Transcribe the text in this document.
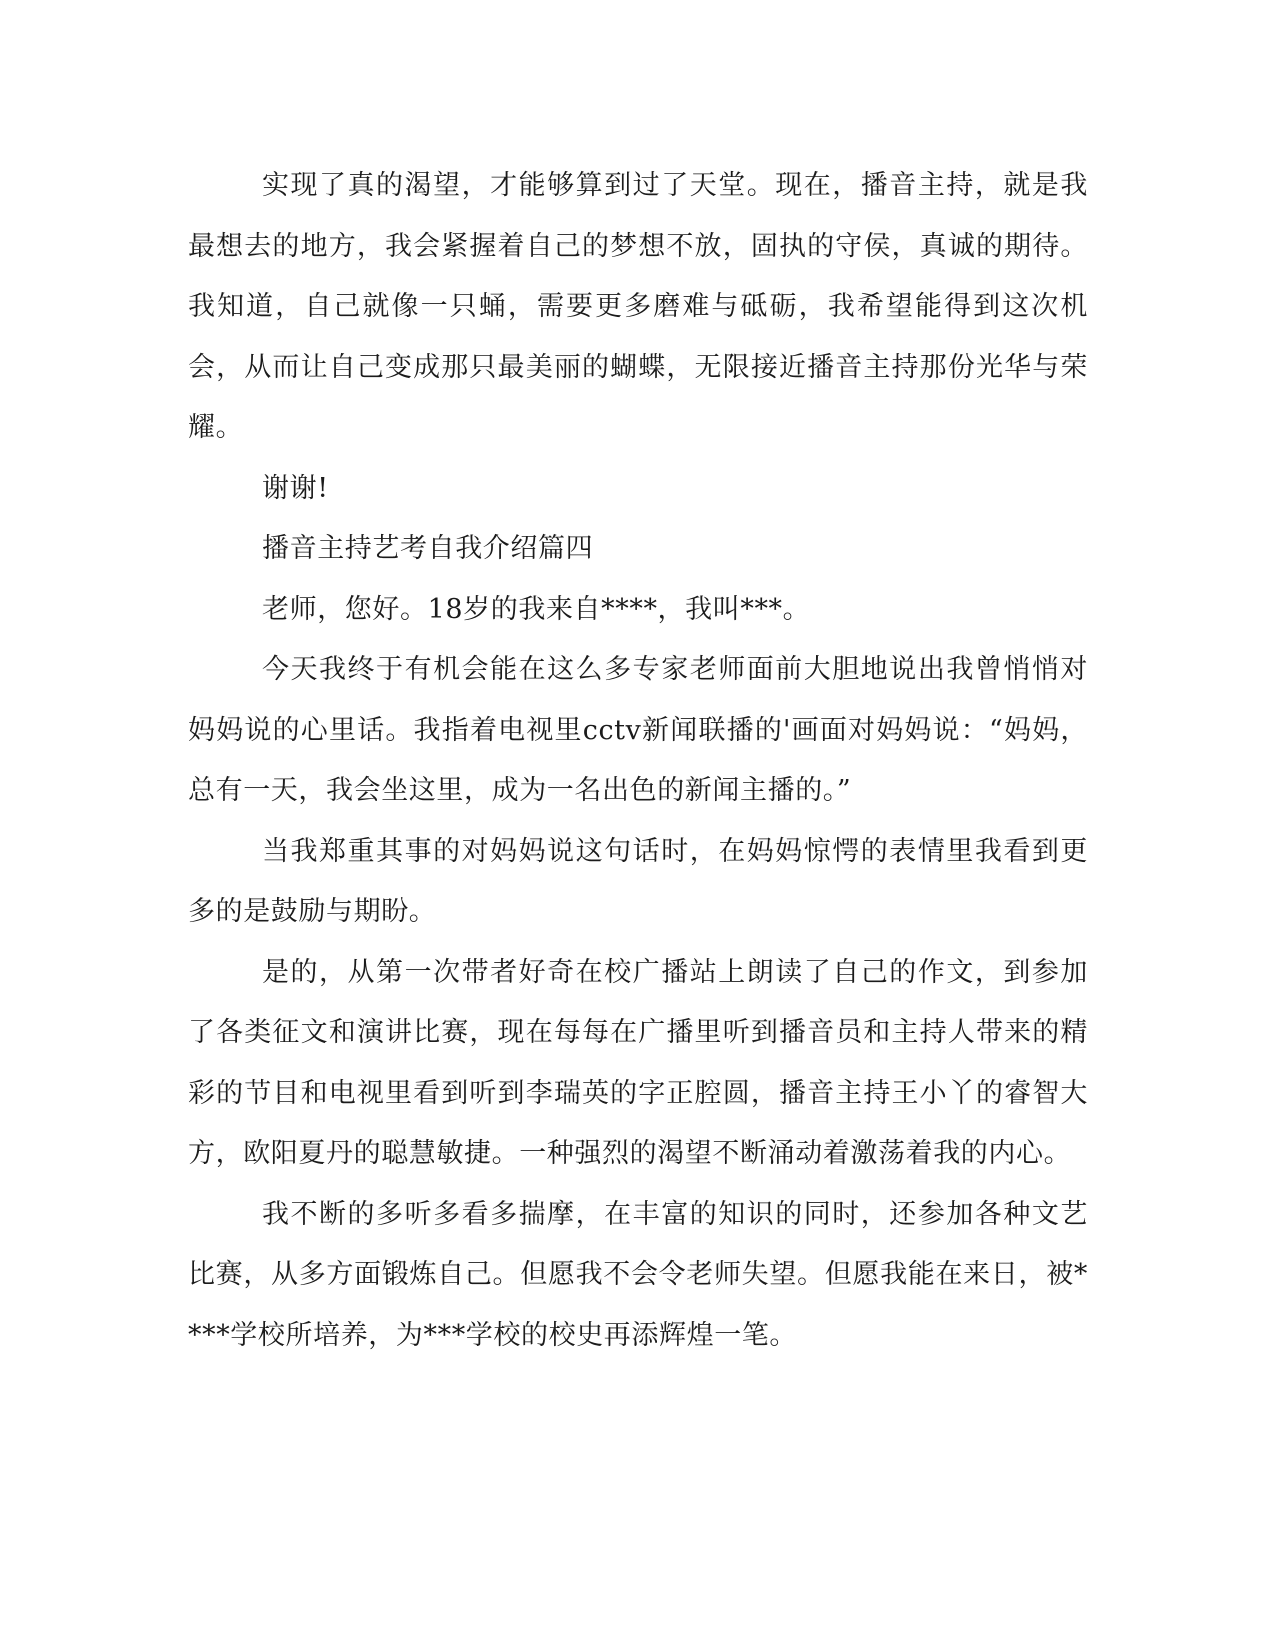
实现了真的渴望，才能够算到过了天堂。现在，播音主持，就是我最想去的地方，我会紧握着自己的梦想不放，固执的守侯，真诚的期待。我知道，自己就像一只蛹，需要更多磨难与砥砺，我希望能得到这次机会，从而让自己变成那只最美丽的蝴蝶，无限接近播音主持那份光华与荣耀。

谢谢!

播音主持艺考自我介绍篇四

老师，您好。18岁的我来自****，我叫***。

今天我终于有机会能在这么多专家老师面前大胆地说出我曾悄悄对妈妈说的心里话。我指着电视里cctv新闻联播的'画面对妈妈说：“妈妈，总有一天，我会坐这里，成为一名出色的新闻主播的。”

当我郑重其事的对妈妈说这句话时，在妈妈惊愕的表情里我看到更多的是鼓励与期盼。

是的，从第一次带者好奇在校广播站上朗读了自己的作文，到参加了各类征文和演讲比赛，现在每每在广播里听到播音员和主持人带来的精彩的节目和电视里看到听到李瑞英的字正腔圆，播音主持王小丫的睿智大方，欧阳夏丹的聪慧敏捷。一种强烈的渴望不断涌动着激荡着我的内心。

我不断的多听多看多揣摩，在丰富的知识的同时，还参加各种文艺比赛，从多方面锻炼自己。但愿我不会令老师失望。但愿我能在来日，被****学校所培养，为***学校的校史再添辉煌一笔。
